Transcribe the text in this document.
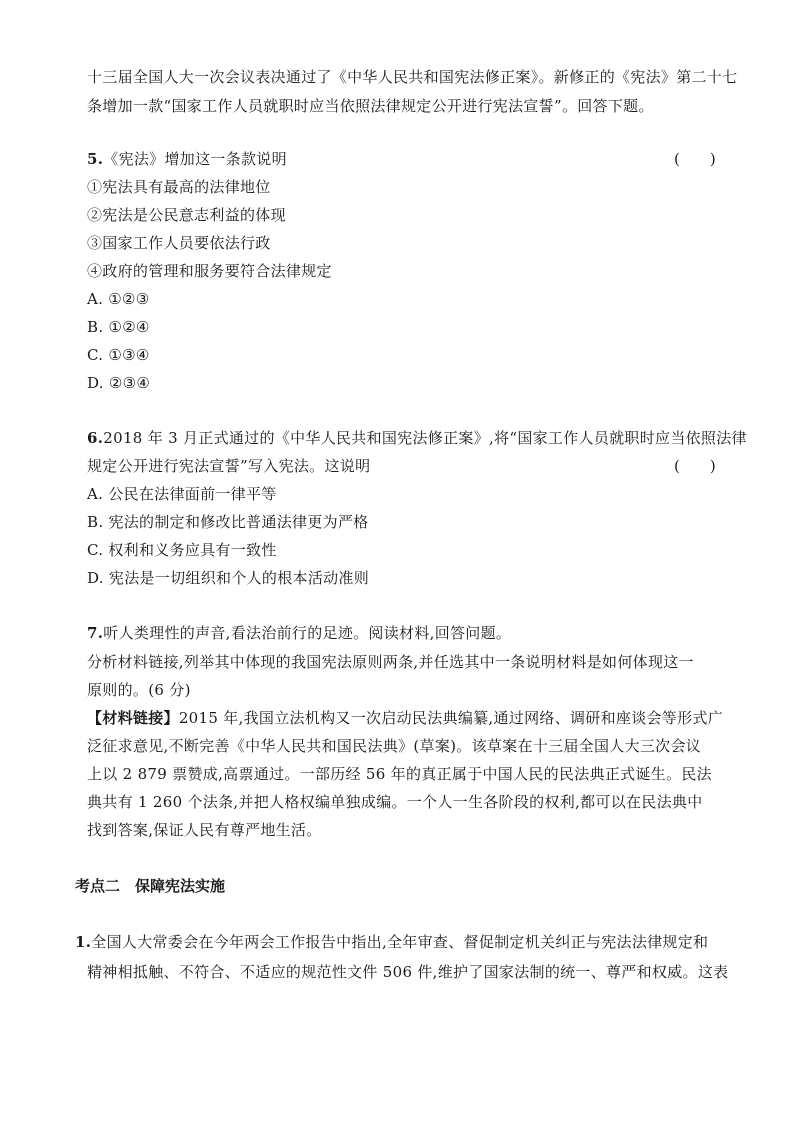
十三届全国人大一次会议表决通过了《中华人民共和国宪法修正案》。新修正的《宪法》第二十七
条增加一款“国家工作人员就职时应当依照法律规定公开进行宪法宣誓”。回答下题。
5.《宪法》增加这一条款说明	(　　)
①宪法具有最高的法律地位
②宪法是公民意志利益的体现
③国家工作人员要依法行政
④政府的管理和服务要符合法律规定
A. ①②③
B. ①②④
C. ①③④
D. ②③④
6.2018 年 3 月正式通过的《中华人民共和国宪法修正案》,将“国家工作人员就职时应当依照法律
规定公开进行宪法宣誓”写入宪法。这说明	(　　)
A. 公民在法律面前一律平等
B. 宪法的制定和修改比普通法律更为严格
C. 权利和义务应具有一致性
D. 宪法是一切组织和个人的根本活动准则
7.听人类理性的声音,看法治前行的足迹。阅读材料,回答问题。
分析材料链接,列举其中体现的我国宪法原则两条,并任选其中一条说明材料是如何体现这一
原则的。(6 分)
【材料链接】2015 年,我国立法机构又一次启动民法典编纂,通过网络、调研和座谈会等形式广
泛征求意见,不断完善《中华人民共和国民法典》(草案)。该草案在十三届全国人大三次会议
上以 2 879 票赞成,高票通过。一部历经 56 年的真正属于中国人民的民法典正式诞生。民法
典共有 1 260 个法条,并把人格权编单独成编。一个人一生各阶段的权利,都可以在民法典中
找到答案,保证人民有尊严地生活。
考点二　保障宪法实施
1.全国人大常委会在今年两会工作报告中指出,全年审查、督促制定机关纠正与宪法法律规定和
精神相抵触、不符合、不适应的规范性文件 506 件,维护了国家法制的统一、尊严和权威。这表
